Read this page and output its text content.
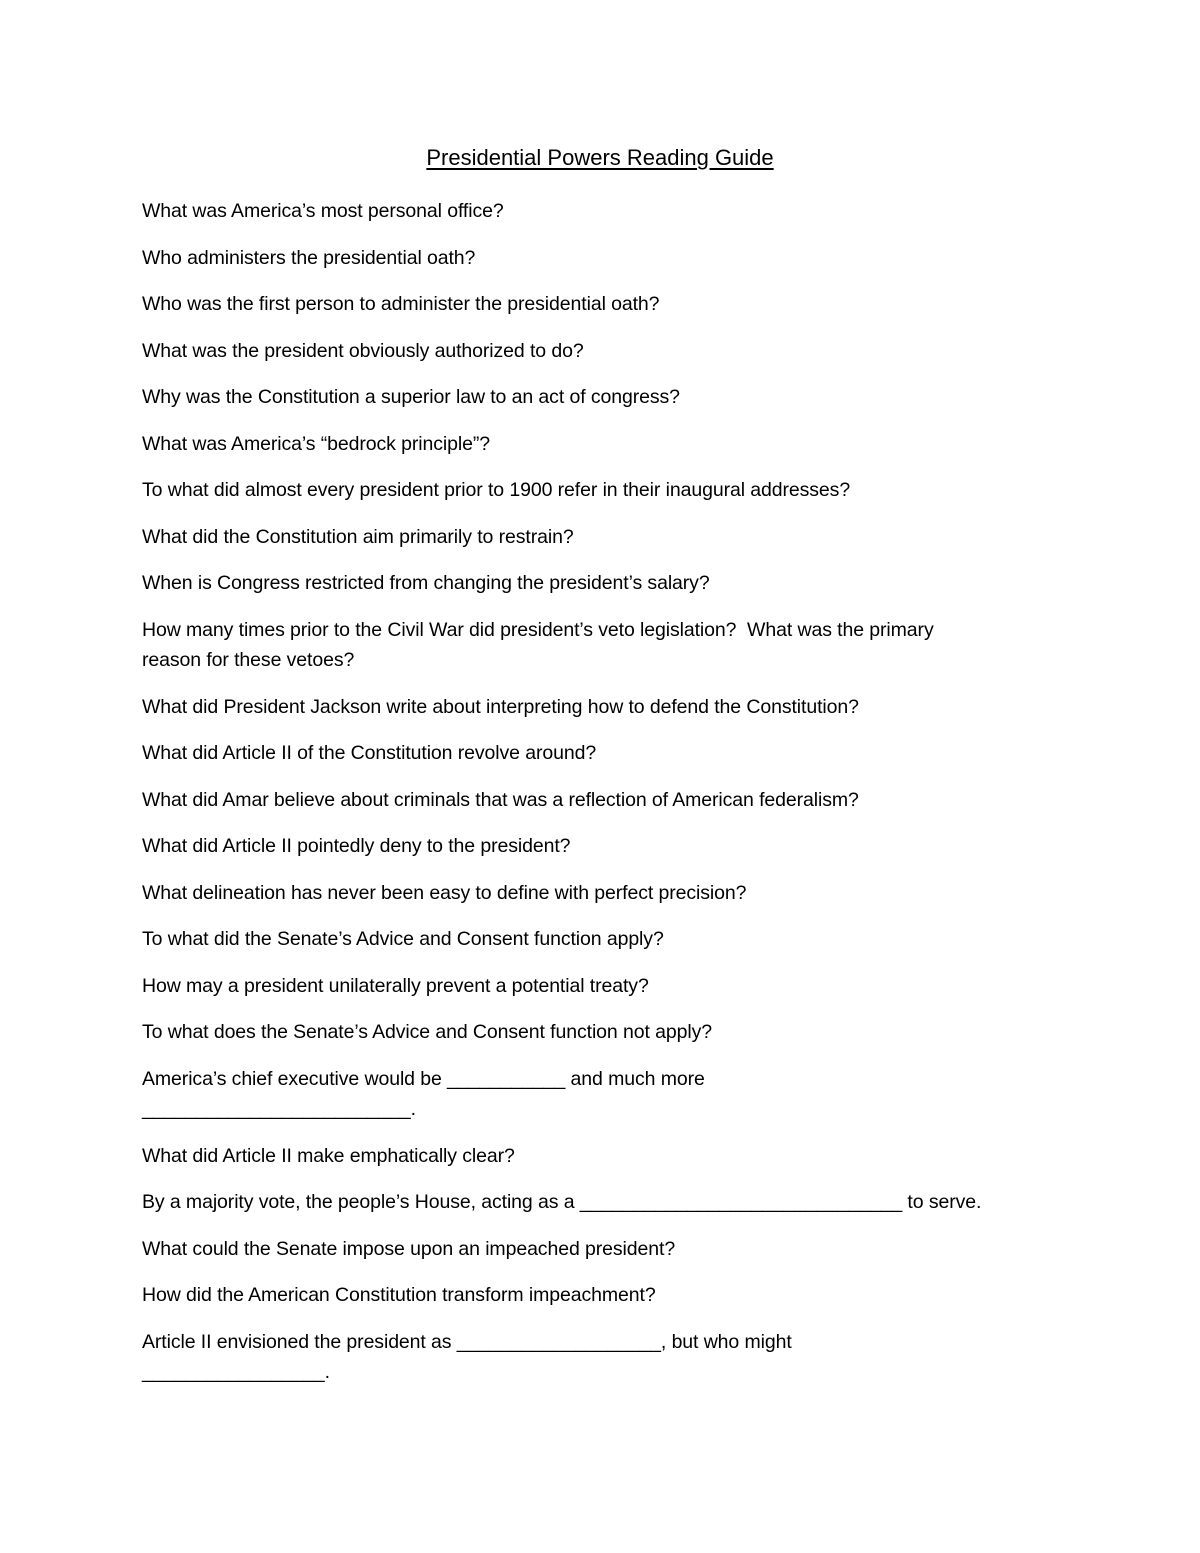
Presidential Powers Reading Guide
What was America’s most personal office?
Who administers the presidential oath?
Who was the first person to administer the presidential oath?
What was the president obviously authorized to do?
Why was the Constitution a superior law to an act of congress?
What was America’s “bedrock principle”?
To what did almost every president prior to 1900 refer in their inaugural addresses?
What did the Constitution aim primarily to restrain?
When is Congress restricted from changing the president’s salary?
How many times prior to the Civil War did president’s veto legislation?  What was the primary
reason for these vetoes?
What did President Jackson write about interpreting how to defend the Constitution?
What did Article II of the Constitution revolve around?
What did Amar believe about criminals that was a reflection of American federalism?
What did Article II pointedly deny to the president?
What delineation has never been easy to define with perfect precision?
To what did the Senate’s Advice and Consent function apply?
How may a president unilaterally prevent a potential treaty?
To what does the Senate’s Advice and Consent function not apply?
America’s chief executive would be ___________ and much more
_________________________.
What did Article II make emphatically clear?
By a majority vote, the people’s House, acting as a ______________________________ to serve.
What could the Senate impose upon an impeached president?
How did the American Constitution transform impeachment?
Article II envisioned the president as ___________________, but who might
_________________.
